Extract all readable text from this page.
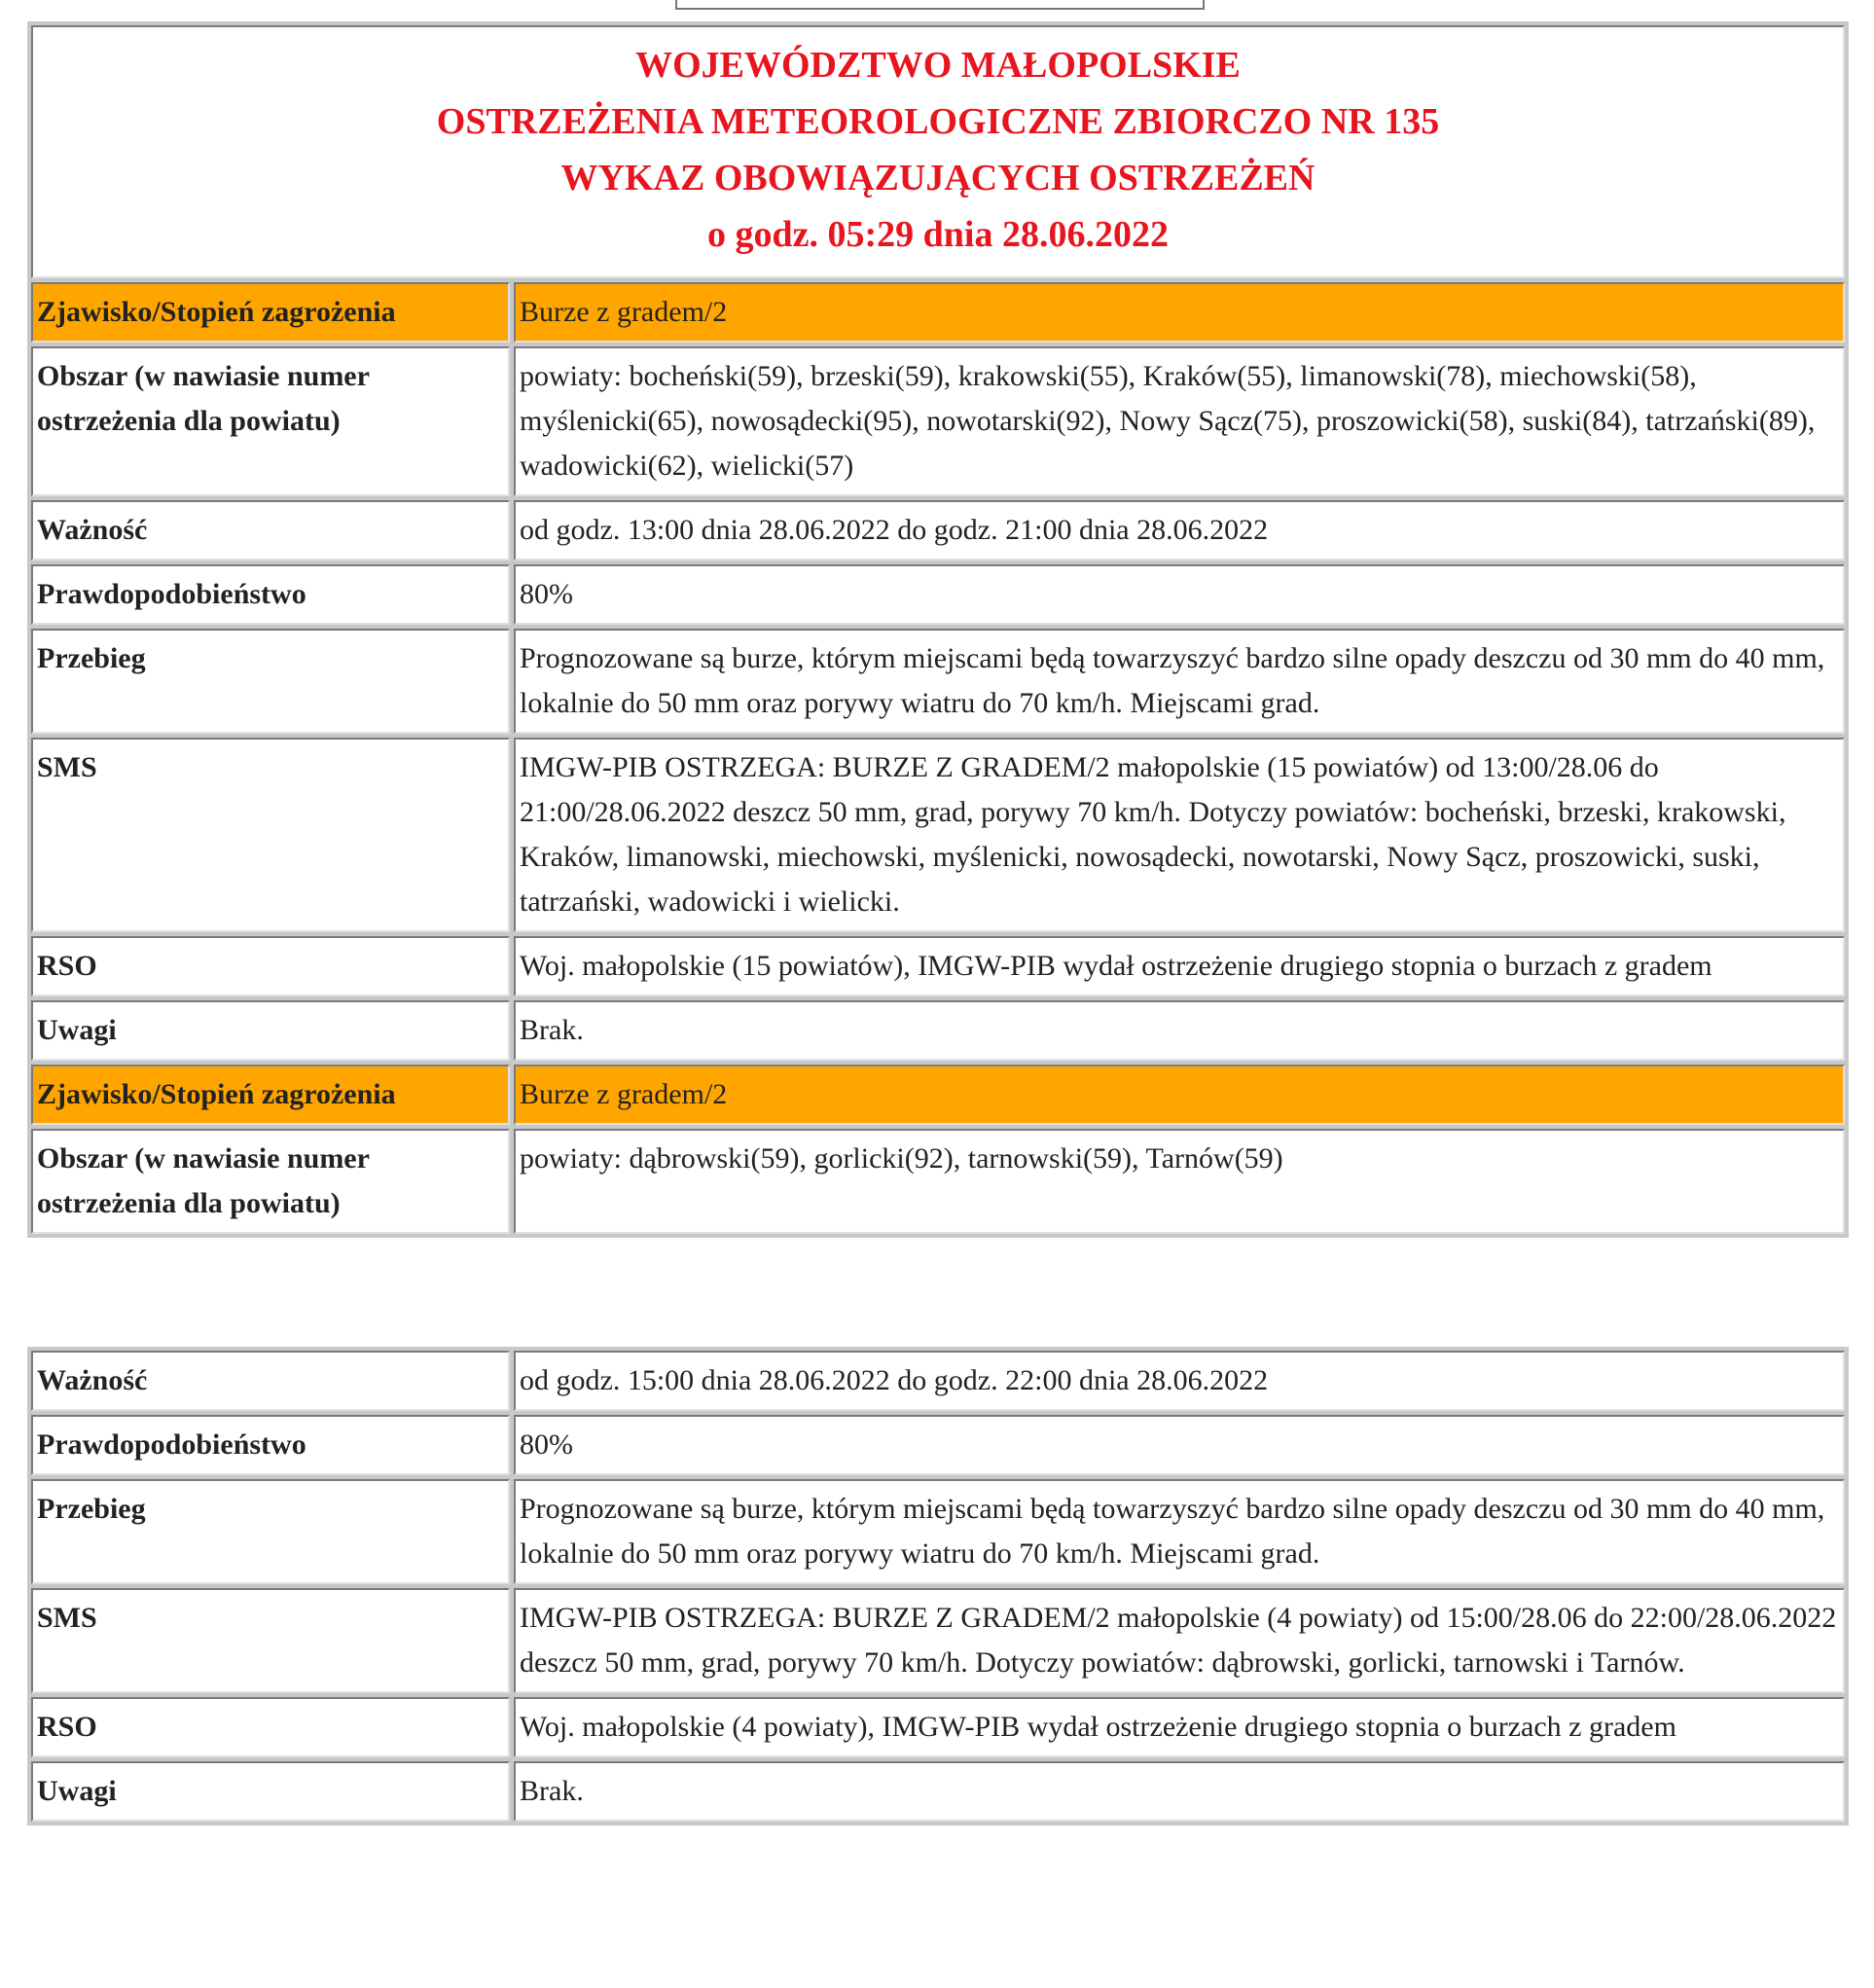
WOJEWÓDZTWO MAŁOPOLSKIE
OSTRZEŻENIA METEOROLOGICZNE ZBIORCZO NR 135
WYKAZ OBOWIĄZUJĄCYCH OSTRZEŻEŃ
o godz. 05:29 dnia 28.06.2022	

Zjawisko/Stopień zagrożenia	Burze z gradem/2
Obszar (w nawiasie numer ostrzeżenia dla powiatu)	powiaty: bocheński(59), brzeski(59), krakowski(55), Kraków(55), limanowski(78), miechowski(58), myślenicki(65), nowosądecki(95), nowotarski(92), Nowy Sącz(75), proszowicki(58), suski(84), tatrzański(89), wadowicki(62), wielicki(57)
Ważność	od godz. 13:00 dnia 28.06.2022 do godz. 21:00 dnia 28.06.2022
Prawdopodobieństwo	80%
Przebieg	Prognozowane są burze, którym miejscami będą towarzyszyć bardzo silne opady deszczu od 30 mm do 40 mm, lokalnie do 50 mm oraz porywy wiatru do 70 km/h. Miejscami grad.
SMS	IMGW-PIB OSTRZEGA: BURZE Z GRADEM/2 małopolskie (15 powiatów) od 13:00/28.06 do 21:00/28.06.2022 deszcz 50 mm, grad, porywy 70 km/h. Dotyczy powiatów: bocheński, brzeski, krakowski, Kraków, limanowski, miechowski, myślenicki, nowosądecki, nowotarski, Nowy Sącz, proszowicki, suski, tatrzański, wadowicki i wielicki.
RSO	Woj. małopolskie (15 powiatów), IMGW-PIB wydał ostrzeżenie drugiego stopnia o burzach z gradem
Uwagi	Brak.
Zjawisko/Stopień zagrożenia	Burze z gradem/2
Obszar (w nawiasie numer ostrzeżenia dla powiatu)	powiaty: dąbrowski(59), gorlicki(92), tarnowski(59), Tarnów(59)
Ważność	od godz. 15:00 dnia 28.06.2022 do godz. 22:00 dnia 28.06.2022
Prawdopodobieństwo	80%
Przebieg	Prognozowane są burze, którym miejscami będą towarzyszyć bardzo silne opady deszczu od 30 mm do 40 mm, lokalnie do 50 mm oraz porywy wiatru do 70 km/h. Miejscami grad.
SMS	IMGW-PIB OSTRZEGA: BURZE Z GRADEM/2 małopolskie (4 powiaty) od 15:00/28.06 do 22:00/28.06.2022 deszcz 50 mm, grad, porywy 70 km/h. Dotyczy powiatów: dąbrowski, gorlicki, tarnowski i Tarnów.
RSO	Woj. małopolskie (4 powiaty), IMGW-PIB wydał ostrzeżenie drugiego stopnia o burzach z gradem
Uwagi	Brak.
